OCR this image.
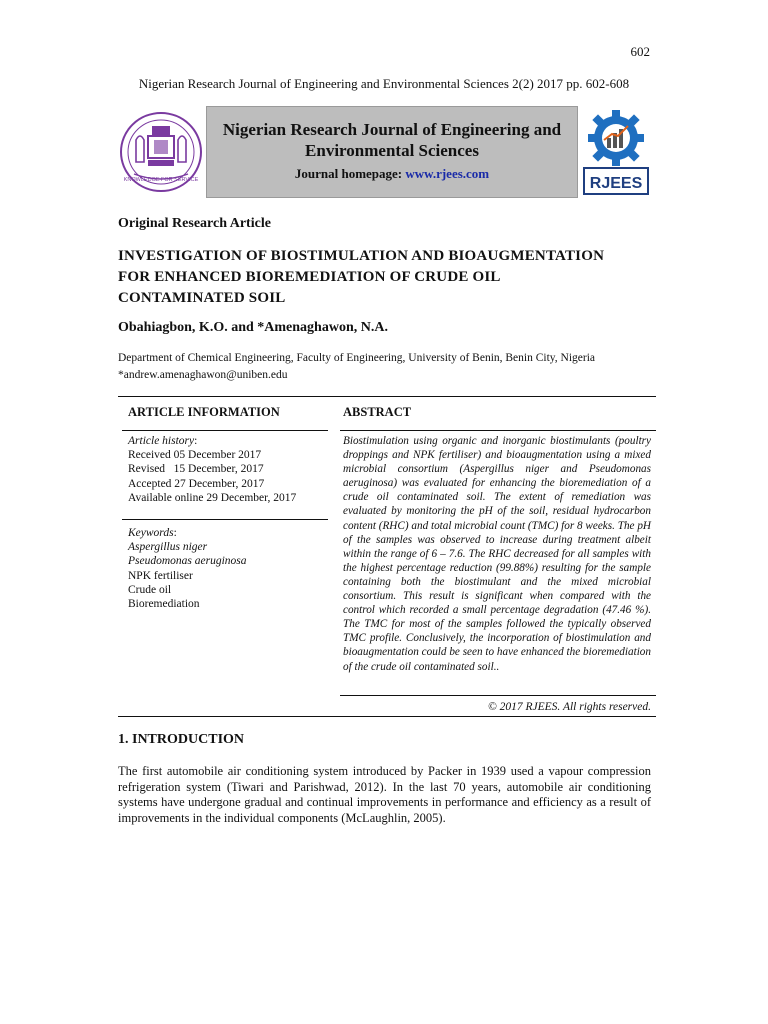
602
Nigerian Research Journal of Engineering and Environmental Sciences 2(2) 2017 pp. 602-608
KNOWLEDGE FOR SERVICE
Nigerian Research Journal of Engineering and Environmental Sciences
Journal homepage: www.rjees.com
RJEES
Original Research Article
INVESTIGATION OF BIOSTIMULATION AND BIOAUGMENTATION
FOR ENHANCED BIOREMEDIATION OF CRUDE OIL
CONTAMINATED SOIL
Obahiagbon, K.O. and *Amenaghawon, N.A.
Department of Chemical Engineering, Faculty of Engineering, University of Benin, Benin City, Nigeria
*andrew.amenaghawon@uniben.edu
ARTICLE INFORMATION	ABSTRACT
Article history:
Received 05 December 2017
Revised   15 December, 2017
Accepted 27 December, 2017
Available online 29 December, 2017
Keywords:
Aspergillus niger
Pseudomonas aeruginosa
NPK fertiliser
Crude oil
Bioremediation
Biostimulation using organic and inorganic biostimulants (poultry droppings and NPK fertiliser) and bioaugmentation using a mixed microbial consortium (Aspergillus niger and Pseudomonas aeruginosa) was evaluated for enhancing the bioremediation of a crude oil contaminated soil. The extent of remediation was evaluated by monitoring the pH of the soil, residual hydrocarbon content (RHC) and total microbial count (TMC) for 8 weeks. The pH of the samples was observed to increase during treatment albeit within the range of 6 – 7.6. The RHC decreased for all samples with the highest percentage reduction (99.88%) resulting for the sample containing both the biostimulant and the mixed microbial consortium. This result is significant when compared with the control which recorded a small percentage degradation (47.46 %). The TMC for most of the samples followed the typically observed TMC profile. Conclusively, the incorporation of biostimulation and bioaugmentation could be seen to have enhanced the bioremediation of the crude oil contaminated soil..
© 2017 RJEES. All rights reserved.
1. INTRODUCTION
The first automobile air conditioning system introduced by Packer in 1939 used a vapour compression refrigeration system (Tiwari and Parishwad, 2012). In the last 70 years, automobile air conditioning systems have undergone gradual and continual improvements in performance and efficiency as a result of improvements in the individual components (McLaughlin, 2005).
